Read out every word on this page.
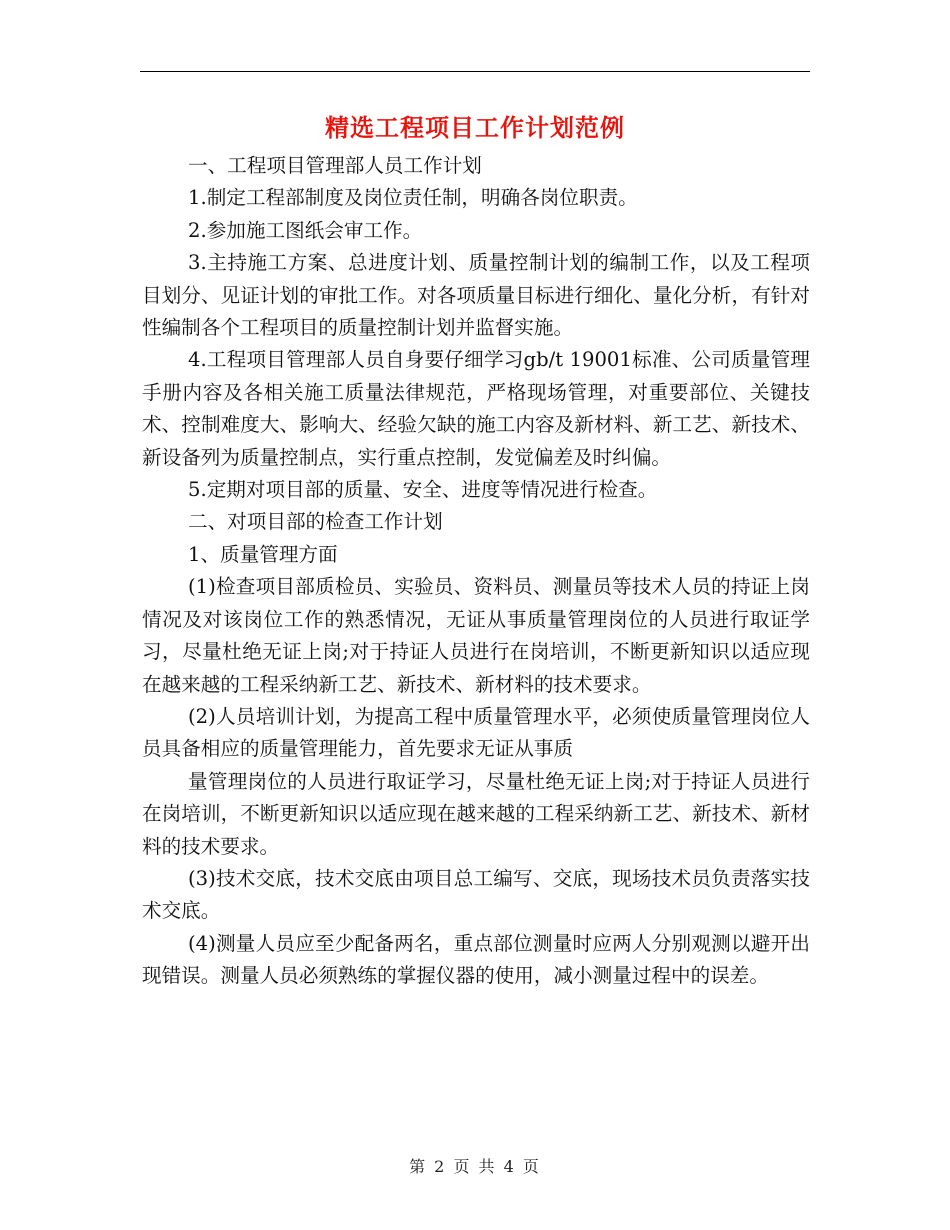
精选工程项目工作计划范例

一、工程项目管理部人员工作计划

1.制定工程部制度及岗位责任制，明确各岗位职责。

2.参加施工图纸会审工作。

3.主持施工方案、总进度计划、质量控制计划的编制工作，以及工程项目划分、见证计划的审批工作。对各项质量目标进行细化、量化分析，有针对性编制各个工程项目的质量控制计划并监督实施。

4.工程项目管理部人员自身要仔细学习gb/t 19001标准、公司质量管理手册内容及各相关施工质量法律规范，严格现场管理，对重要部位、关键技术、控制难度大、影响大、经验欠缺的施工内容及新材料、新工艺、新技术、新设备列为质量控制点，实行重点控制，发觉偏差及时纠偏。

5.定期对项目部的质量、安全、进度等情况进行检查。

二、对项目部的检查工作计划

1、质量管理方面

(1)检查项目部质检员、实验员、资料员、测量员等技术人员的持证上岗情况及对该岗位工作的熟悉情况，无证从事质量管理岗位的人员进行取证学习，尽量杜绝无证上岗;对于持证人员进行在岗培训，不断更新知识以适应现在越来越的工程采纳新工艺、新技术、新材料的技术要求。

(2)人员培训计划，为提高工程中质量管理水平，必须使质量管理岗位人员具备相应的质量管理能力，首先要求无证从事质

量管理岗位的人员进行取证学习，尽量杜绝无证上岗;对于持证人员进行在岗培训，不断更新知识以适应现在越来越的工程采纳新工艺、新技术、新材料的技术要求。

(3)技术交底，技术交底由项目总工编写、交底，现场技术员负责落实技术交底。

(4)测量人员应至少配备两名，重点部位测量时应两人分别观测以避开出现错误。测量人员必须熟练的掌握仪器的使用，减小测量过程中的误差。

第 2 页 共 4 页
